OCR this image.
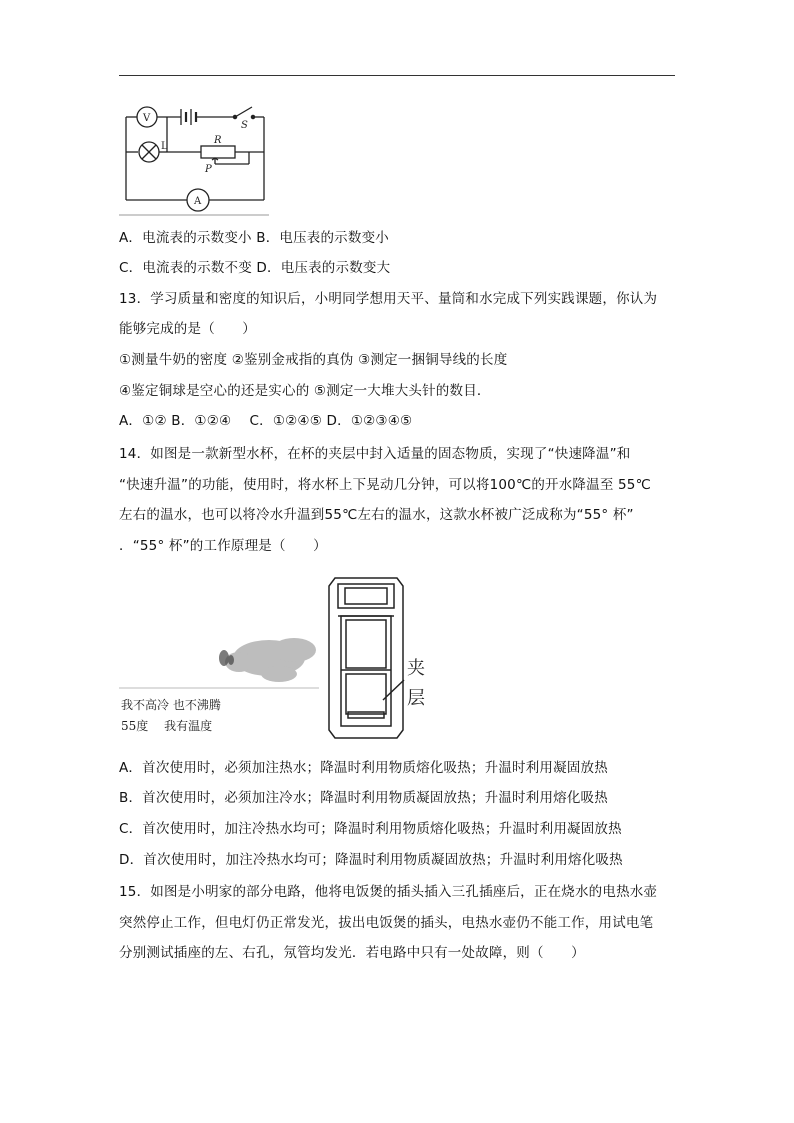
V
S
R
L
P
A
A．电流表的示数变小 B．电压表的示数变小
C．电流表的示数不变 D．电压表的示数变大
13．学习质量和密度的知识后，小明同学想用天平、量筒和水完成下列实践课题，你认为
能够完成的是（　　）
①测量牛奶的密度 ②鉴别金戒指的真伪 ③测定一捆铜导线的长度
④鉴定铜球是空心的还是实心的 ⑤测定一大堆大头针的数目．
A．①② B．①②④　 C．①②④⑤ D．①②③④⑤
14．如图是一款新型水杯，在杯的夹层中封入适量的固态物质，实现了“快速降温”和
“快速升温”的功能，使用时，将水杯上下晃动几分钟，可以将100℃的开水降温至 55℃
左右的温水，也可以将冷水升温到55℃左右的温水，这款水杯被广泛成称为“55° 杯”
．“55° 杯”的工作原理是（　　）
我不高冷 也不沸腾
55度　 我有温度
夹
层
A．首次使用时，必须加注热水；降温时利用物质熔化吸热；升温时利用凝固放热
B．首次使用时，必须加注冷水；降温时利用物质凝固放热；升温时利用熔化吸热
C．首次使用时，加注冷热水均可；降温时利用物质熔化吸热；升温时利用凝固放热
D．首次使用时，加注冷热水均可；降温时利用物质凝固放热；升温时利用熔化吸热
15．如图是小明家的部分电路，他将电饭煲的插头插入三孔插座后，正在烧水的电热水壶
突然停止工作，但电灯仍正常发光，拔出电饭煲的插头，电热水壶仍不能工作，用试电笔
分别测试插座的左、右孔，氖管均发光．若电路中只有一处故障，则（　　）
